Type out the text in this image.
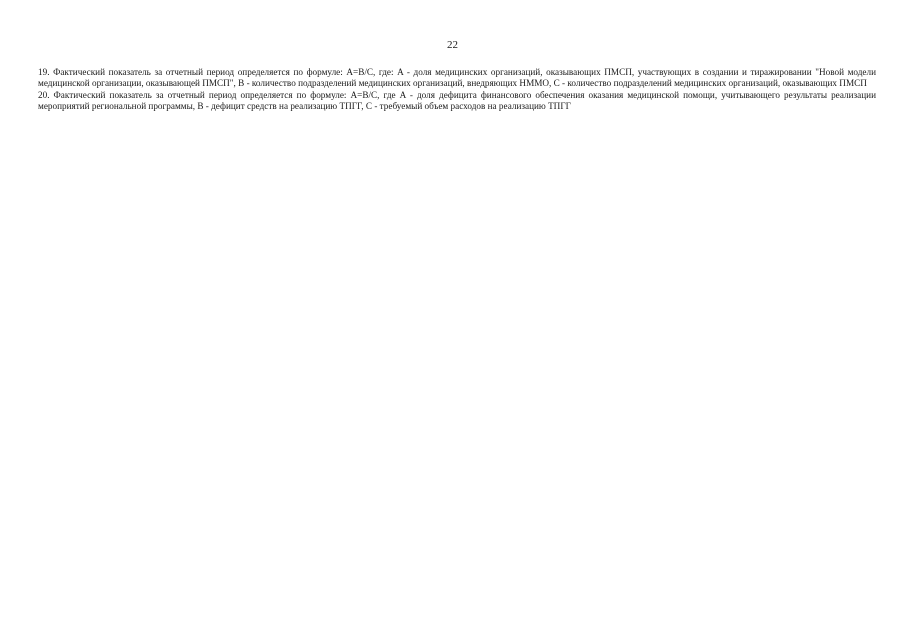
22

19. Фактический показатель за отчетный период определяется по формуле: A=B/C, где: A - доля медицинских организаций, оказывающих ПМСП, участвующих в создании и тиражировании "Новой модели медицинской организации, оказывающей ПМСП", B - количество подразделений медицинских организаций, внедряющих НММО, C - количество подразделений медицинских организаций, оказывающих ПМСП

20. Фактический показатель за отчетный период определяется по формуле: A=B/C, где A - доля дефицита финансового обеспечения оказания медицинской помощи, учитывающего результаты реализации мероприятий региональной программы, B - дефицит средств на реализацию ТПГГ, C - требуемый объем расходов на реализацию ТПГГ
